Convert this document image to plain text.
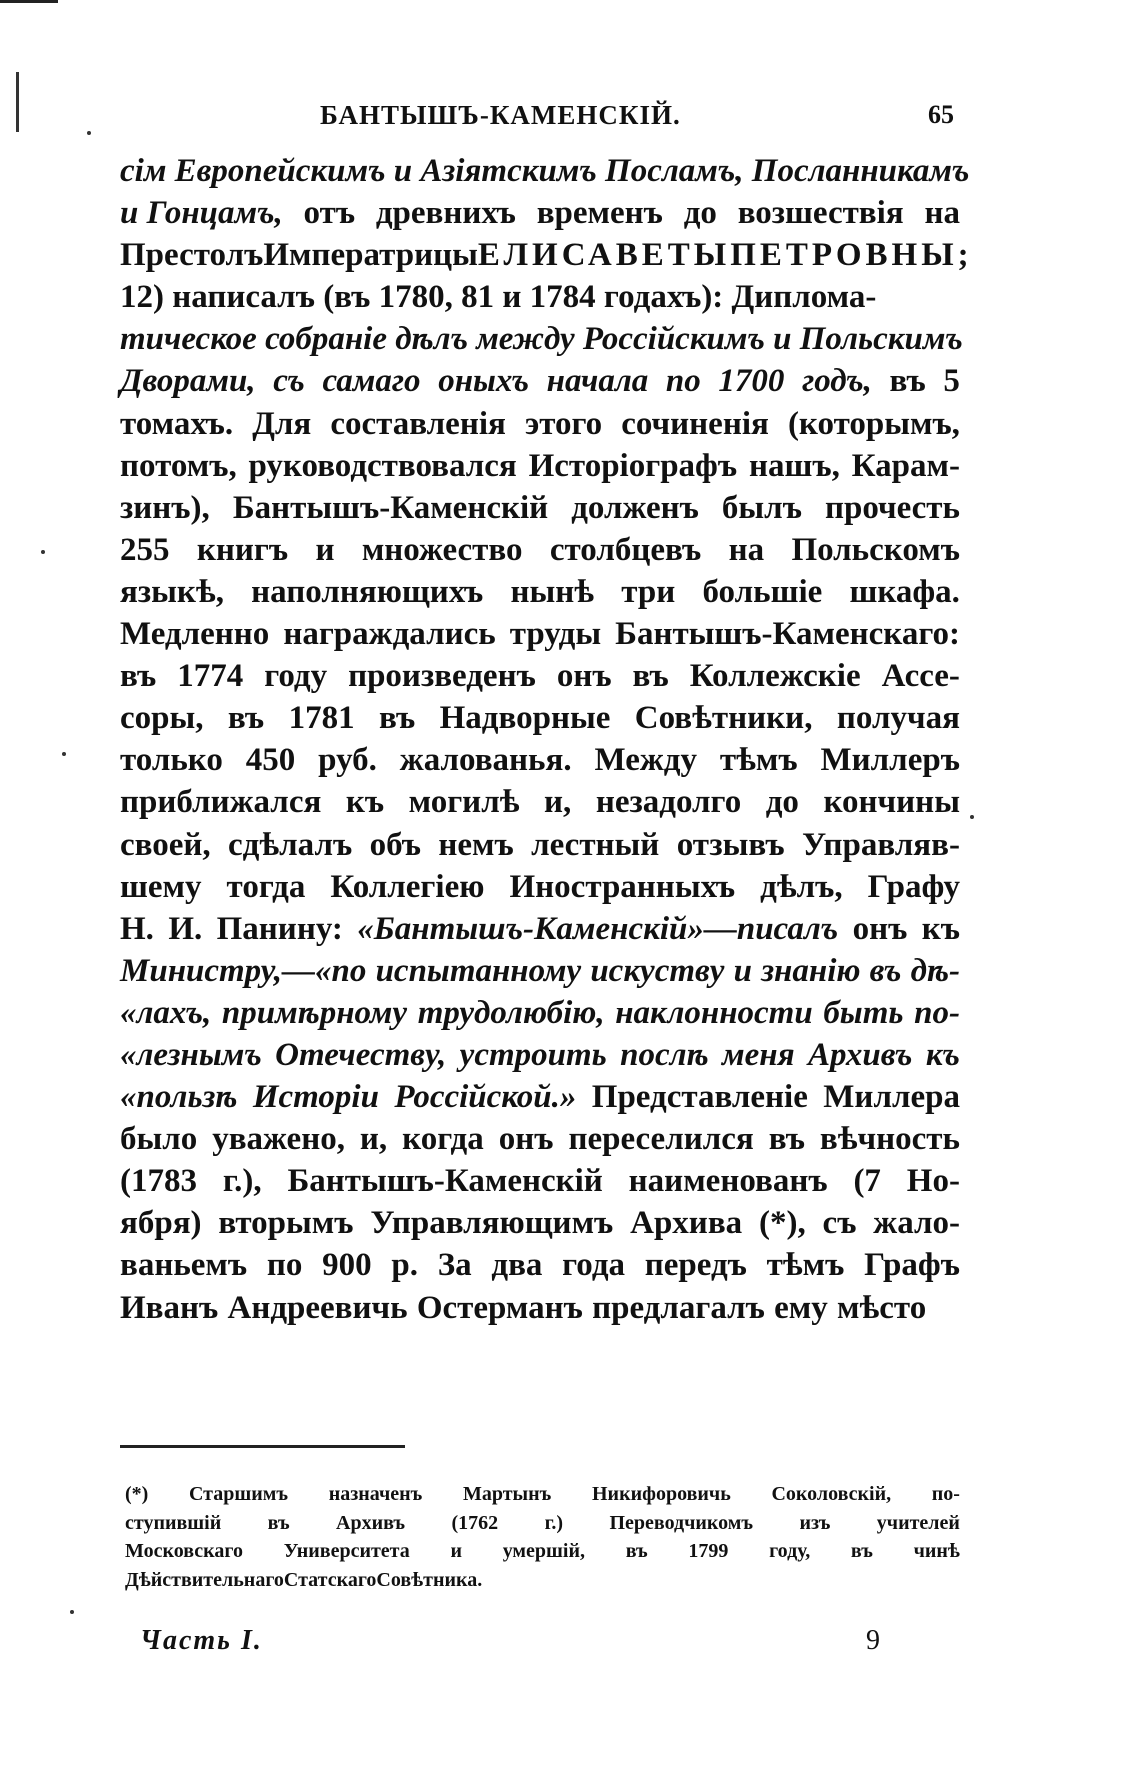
БАНТЫШЪ-КАМЕНСКІЙ.	65
сім Европейскимъ и Азіятскимъ Посламъ, Посланникамъ
и Гонцамъ, отъ древнихъ временъ до возшествія на
Престолъ Императрицы ЕЛИСАВЕТЫ ПЕТРОВНЫ;
12) написалъ (въ 1780, 81 и 1784 годахъ): Диплома-
тическое собраніе дѣлъ между Россійскимъ и Польскимъ
Дворами, съ самаго оныхъ начала по 1700 годъ, въ 5
томахъ. Для составленія этого сочиненія (которымъ,
потомъ, руководствовался Исторіографъ нашъ, Карам-
зинъ), Бантышъ-Каменскій долженъ былъ прочесть
255 книгъ и множество столбцевъ на Польскомъ
языкѣ, наполняющихъ нынѣ три большіе шкафа.
Медленно награждались труды Бантышъ-Каменскаго:
въ 1774 году произведенъ онъ въ Коллежскіе Ассе-
соры, въ 1781 въ Надворные Совѣтники, получая
только 450 руб. жалованья. Между тѣмъ Миллеръ
приближался къ могилѣ и, незадолго до кончины
своей, сдѣлалъ объ немъ лестный отзывъ Управляв-
шему тогда Коллегіею Иностранныхъ дѣлъ, Графу
Н. И. Панину: «Бантышъ-Каменскій»—писалъ онъ къ
Министру,—«по испытанному искуству и знанію въ дѣ-
«лахъ, примѣрному трудолюбію, наклонности быть по-
«лезнымъ Отечеству, устроить послѣ меня Архивъ къ
«пользѣ Исторіи Россійской.» Представленіе Миллера
было уважено, и, когда онъ переселился въ вѣчность
(1783 г.), Бантышъ-Каменскій наименованъ (7 Но-
ября) вторымъ Управляющимъ Архива (*), съ жало-
ваньемъ по 900 р. За два года передъ тѣмъ Графъ
Иванъ Андреевичь Остерманъ предлагалъ ему мѣсто
(*) Старшимъ назначенъ Мартынъ Никифоровичь Соколовскій, по-
ступившій въ Архивъ (1762 г.) Переводчикомъ изъ учителей
Московскаго Университета и умершій, въ 1799 году, въ чинѣ
Дѣйствительнаго Статскаго Совѣтника.
Часть I.	9
